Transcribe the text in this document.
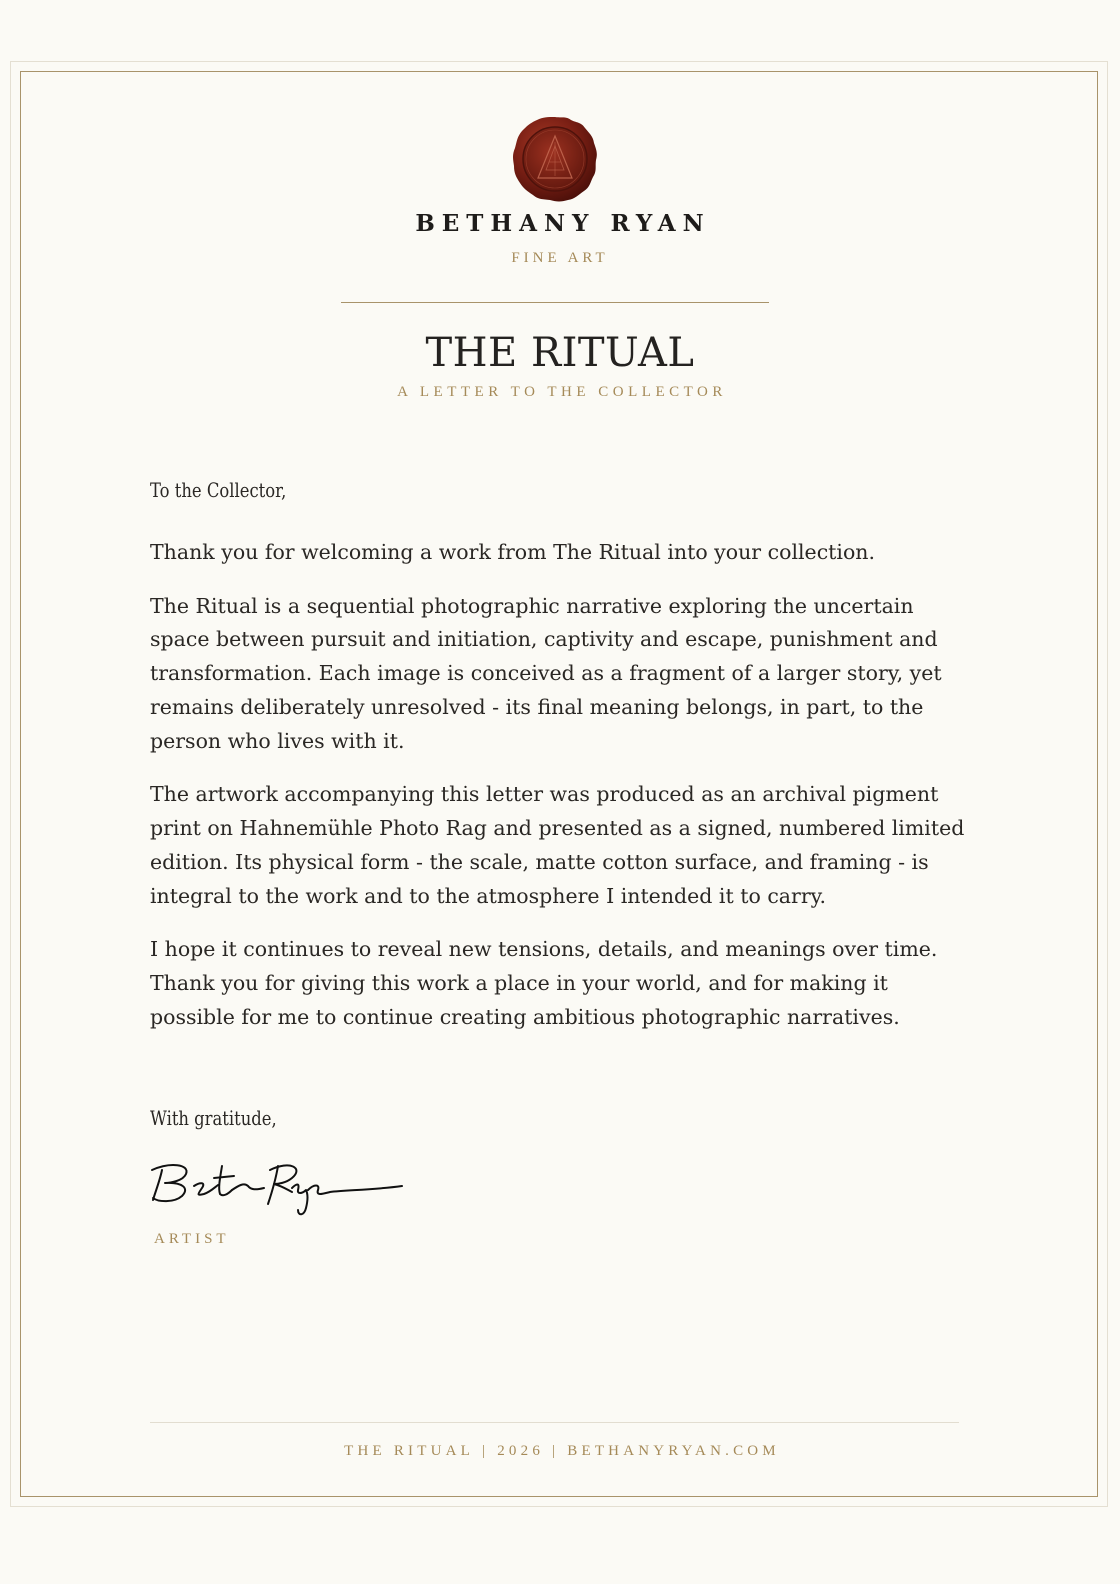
BETHANY RYAN
FINE ART
THE RITUAL
A LETTER TO THE COLLECTOR
To the Collector,

Thank you for welcoming a work from The Ritual into your collection.

The Ritual is a sequential photographic narrative exploring the uncertain space between pursuit and initiation, captivity and escape, punishment and transformation. Each image is conceived as a fragment of a larger story, yet remains deliberately unresolved - its final meaning belongs, in part, to the person who lives with it.

The artwork accompanying this letter was produced as an archival pigment print on Hahnemühle Photo Rag and presented as a signed, numbered limited edition. Its physical form - the scale, matte cotton surface, and framing - is integral to the work and to the atmosphere I intended it to carry.

I hope it continues to reveal new tensions, details, and meanings over time. Thank you for giving this work a place in your world, and for making it possible for me to continue creating ambitious photographic narratives.

With gratitude,
ARTIST
THE RITUAL | 2026 | BETHANYRYAN.COM
